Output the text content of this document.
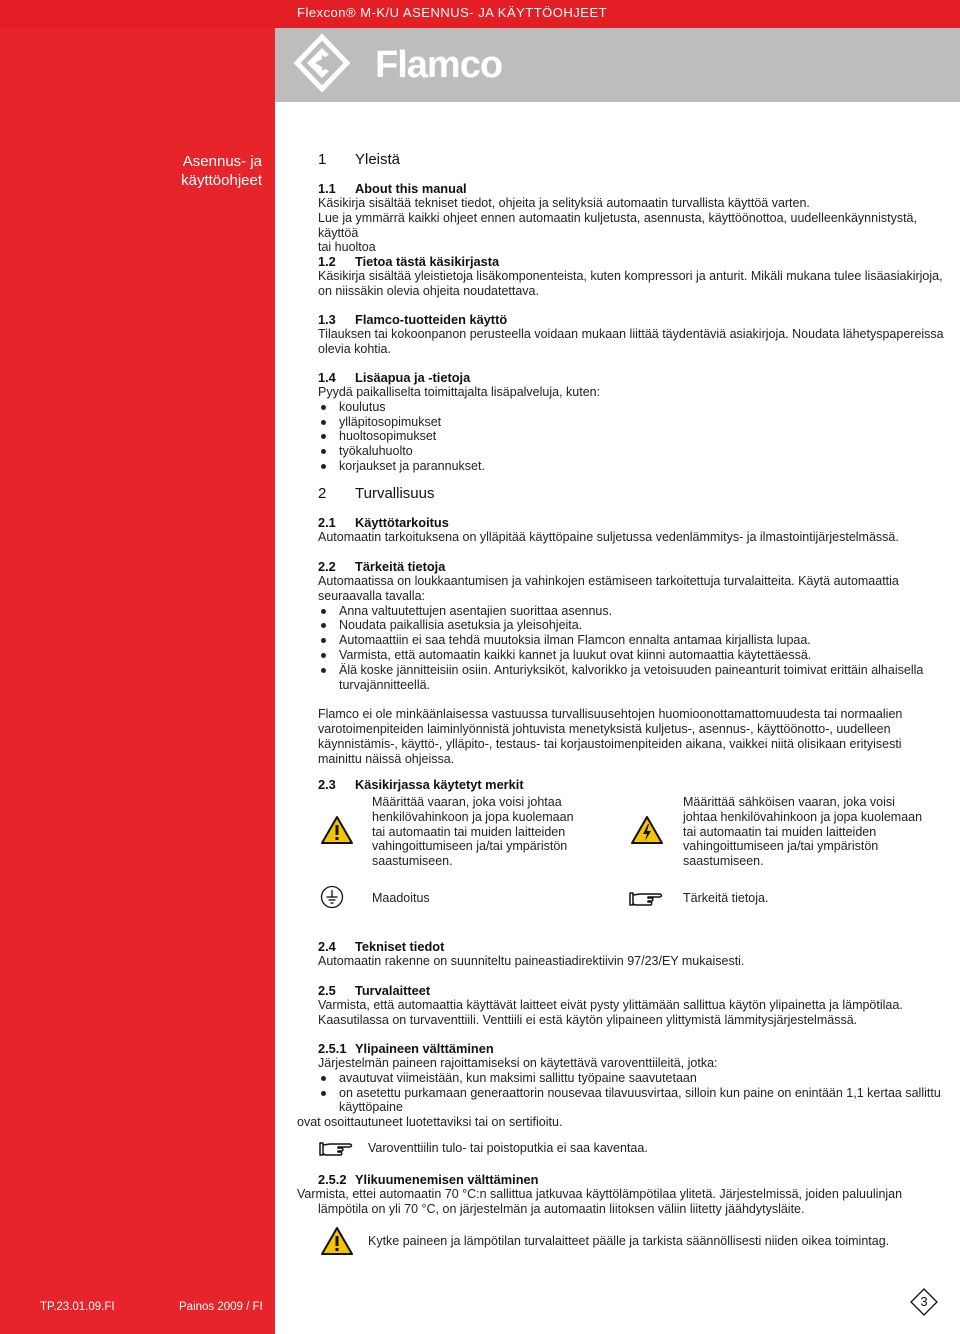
Flexcon® M-K/U ASENNUS- JA KÄYTTÖOHJEET
Flamco
Asennus- ja
käyttöohjeet
1 Yleistä
1.1 About this manual
Käsikirja sisältää tekniset tiedot, ohjeita ja selityksiä automaatin turvallista käyttöä varten.
Lue ja ymmärrä kaikki ohjeet ennen automaatin kuljetusta, asennusta, käyttöönottoa, uudelleenkäynnistystä, käyttöä
tai huoltoa
1.2 Tietoa tästä käsikirjasta
Käsikirja sisältää yleistietoja lisäkomponenteista, kuten kompressori ja anturit. Mikäli mukana tulee lisäasiakirjoja,
on niissäkin olevia ohjeita noudatettava.
1.3 Flamco-tuotteiden käyttö
Tilauksen tai kokoonpanon perusteella voidaan mukaan liittää täydentäviä asiakirjoja. Noudata lähetyspapereissa
olevia kohtia.
1.4 Lisäapua ja -tietoja
Pyydä paikalliselta toimittajalta lisäpalveluja, kuten:
koulutus
ylläpitosopimukset
huoltosopimukset
työkaluhuolto
korjaukset ja parannukset.
2 Turvallisuus
2.1 Käyttötarkoitus
Automaatin tarkoituksena on ylläpitää käyttöpaine suljetussa vedenlämmitys- ja ilmastointijärjestelmässä.
2.2 Tärkeitä tietoja
Automaatissa on loukkaantumisen ja vahinkojen estämiseen tarkoitettuja turvalaitteita. Käytä automaattia
seuraavalla tavalla:
Anna valtuutettujen asentajien suorittaa asennus.
Noudata paikallisia asetuksia ja yleisohjeita.
Automaattiin ei saa tehdä muutoksia ilman Flamcon ennalta antamaa kirjallista lupaa.
Varmista, että automaatin kaikki kannet ja luukut ovat kiinni automaattia käytettäessä.
Älä koske jännitteisiin osiin. Anturiyksiköt, kalvorikko ja vetoisuuden paineanturit toimivat erittäin alhaisella
turvajännitteellä.
Flamco ei ole minkäänlaisessa vastuussa turvallisuusehtojen huomioonottamattomuudesta tai normaalien
varotoimenpiteiden laiminlyönnistä johtuvista menetyksistä kuljetus-, asennus-, käyttöönotto-, uudelleen
käynnistämis-, käyttö-, ylläpito-, testaus- tai korjaustoimenpiteiden aikana, vaikkei niitä olisikaan erityisesti
mainittu näissä ohjeissa.
2.3 Käsikirjassa käytetyt merkit
Määrittää vaaran, joka voisi johtaa
henkilövahinkoon ja jopa kuolemaan
tai automaatin tai muiden laitteiden
vahingoittumiseen ja/tai ympäristön
saastumiseen.
Määrittää sähköisen vaaran, joka voisi
johtaa henkilövahinkoon ja jopa kuolemaan
tai automaatin tai muiden laitteiden
vahingoittumiseen ja/tai ympäristön
saastumiseen.
Maadoitus	Tärkeitä tietoja.
2.4 Tekniset tiedot
Automaatin rakenne on suunniteltu paineastiadirektiivin 97/23/EY mukaisesti.
2.5 Turvalaitteet
Varmista, että automaattia käyttävät laitteet eivät pysty ylittämään sallittua käytön ylipainetta ja lämpötilaa.
Kaasutilassa on turvaventtiili. Venttiili ei estä käytön ylipaineen ylittymistä lämmitysjärjestelmässä.
2.5.1 Ylipaineen välttäminen
Järjestelmän paineen rajoittamiseksi on käytettävä varoventtiileitä, jotka:
avautuvat viimeistään, kun maksimi sallittu työpaine saavutetaan
on asetettu purkamaan generaattorin nousevaa tilavuusvirtaa, silloin kun paine on enintään 1,1 kertaa sallittu
käyttöpaine
ovat osoittautuneet luotettaviksi tai on sertifioitu.
Varoventtiilin tulo- tai poistoputkia ei saa kaventaa.
2.5.2 Ylikuumenemisen välttäminen
Varmista, ettei automaatin 70 °C:n sallittua jatkuvaa käyttölämpötilaa ylitetä. Järjestelmissä, joiden paluulinjan
lämpötila on yli 70 °C, on järjestelmän ja automaatin liitoksen väliin liitetty jäähdytysläite.
Kytke paineen ja lämpötilan turvalaitteet päälle ja tarkista säännöllisesti niiden oikea toimintag.
TP.23.01.09.FI	Painos 2009 / FI	3
